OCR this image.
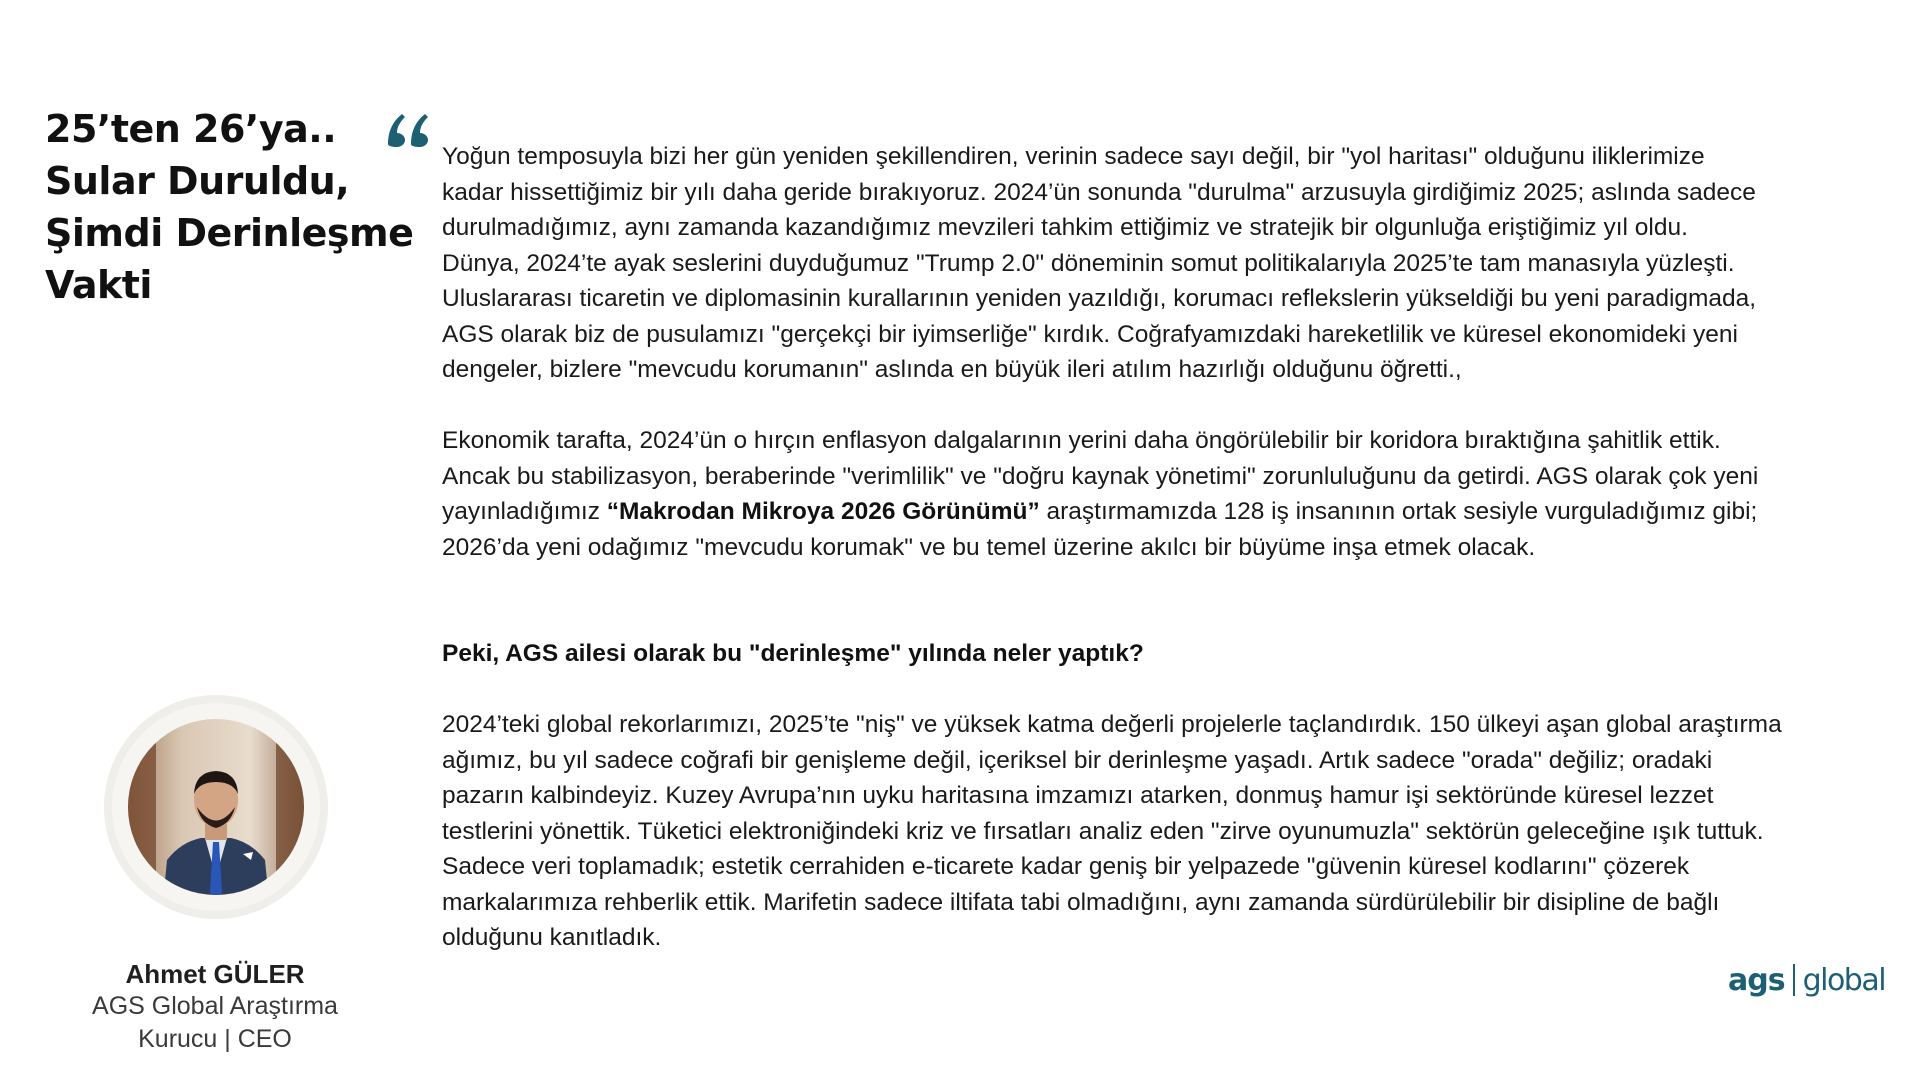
25’ten 26’ya..
Sular Duruldu,
Şimdi Derinleşme
Vakti

Yoğun temposuyla bizi her gün yeniden şekillendiren, verinin sadece sayı değil, bir "yol haritası" olduğunu iliklerimize
kadar hissettiğimiz bir yılı daha geride bırakıyoruz. 2024’ün sonunda "durulma" arzusuyla girdiğimiz 2025; aslında sadece
durulmadığımız, aynı zamanda kazandığımız mevzileri tahkim ettiğimiz ve stratejik bir olgunluğa eriştiğimiz yıl oldu.
Dünya, 2024’te ayak seslerini duyduğumuz "Trump 2.0" döneminin somut politikalarıyla 2025’te tam manasıyla yüzleşti.
Uluslararası ticaretin ve diplomasinin kurallarının yeniden yazıldığı, korumacı reflekslerin yükseldiği bu yeni paradigmada,
AGS olarak biz de pusulamızı "gerçekçi bir iyimserliğe" kırdık. Coğrafyamızdaki hareketlilik ve küresel ekonomideki yeni
dengeler, bizlere "mevcudu korumanın" aslında en büyük ileri atılım hazırlığı olduğunu öğretti.,

Ekonomik tarafta, 2024’ün o hırçın enflasyon dalgalarının yerini daha öngörülebilir bir koridora bıraktığına şahitlik ettik.
Ancak bu stabilizasyon, beraberinde "verimlilik" ve "doğru kaynak yönetimi" zorunluluğunu da getirdi. AGS olarak çok yeni
yayınladığımız “Makrodan Mikroya 2026 Görünümü” araştırmamızda 128 iş insanının ortak sesiyle vurguladığımız gibi;
2026’da yeni odağımız "mevcudu korumak" ve bu temel üzerine akılcı bir büyüme inşa etmek olacak.

Peki, AGS ailesi olarak bu "derinleşme" yılında neler yaptık?

2024’teki global rekorlarımızı, 2025’te "niş" ve yüksek katma değerli projelerle taçlandırdık. 150 ülkeyi aşan global araştırma
ağımız, bu yıl sadece coğrafi bir genişleme değil, içeriksel bir derinleşme yaşadı. Artık sadece "orada" değiliz; oradaki
pazarın kalbindeyiz. Kuzey Avrupa’nın uyku haritasına imzamızı atarken, donmuş hamur işi sektöründe küresel lezzet
testlerini yönettik. Tüketici elektroniğindeki kriz ve fırsatları analiz eden "zirve oyunumuzla" sektörün geleceğine ışık tuttuk.
Sadece veri toplamadık; estetik cerrahiden e-ticarete kadar geniş bir yelpazede "güvenin küresel kodlarını" çözerek
markalarımıza rehberlik ettik. Marifetin sadece iltifata tabi olmadığını, aynı zamanda sürdürülebilir bir disipline de bağlı
olduğunu kanıtladık.

Ahmet GÜLER
AGS Global Araştırma
Kurucu | CEO
ags global
